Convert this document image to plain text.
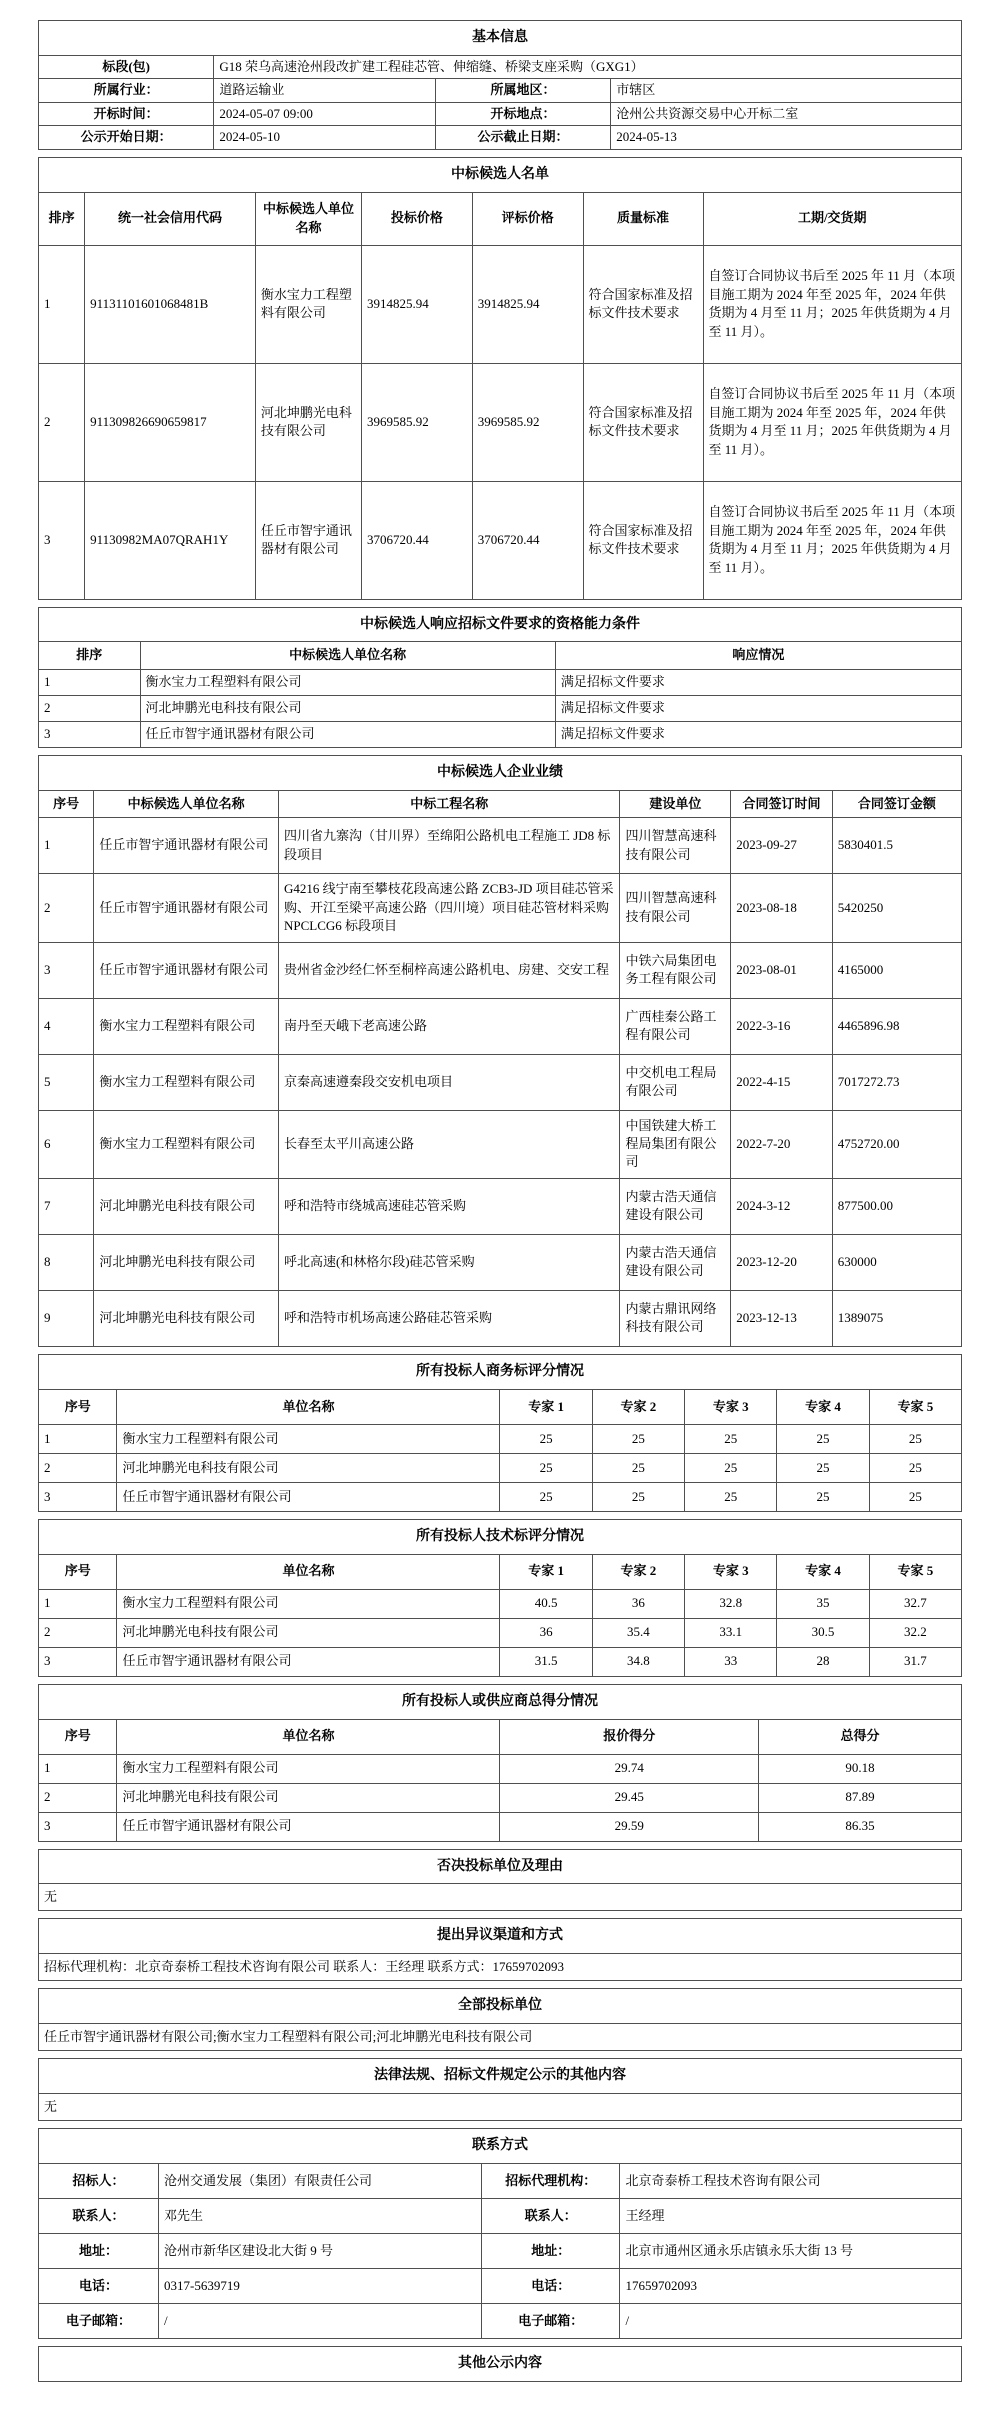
基本信息			
标段(包)	G18 荣乌高速沧州段改扩建工程硅芯管、伸缩缝、桥梁支座采购（GXG1）		
所属行业：	道路运输业	所属地区：	市辖区
开标时间：	2024-05-07 09:00	开标地点：	沧州公共资源交易中心开标二室
公示开始日期：	2024-05-10	公示截止日期：	2024-05-13
中标候选人名单						
排序	统一社会信用代码	中标候选人单位名称	投标价格	评标价格	质量标准	工期/交货期
1	91131101601068481B	衡水宝力工程塑料有限公司	3914825.94	3914825.94	符合国家标准及招标文件技术要求	自签订合同协议书后至 2025 年 11 月（本项目施工期为 2024 年至 2025 年，2024 年供货期为 4 月至 11 月；2025 年供货期为 4 月至 11 月）。
2	911309826690659817	河北坤鹏光电科技有限公司	3969585.92	3969585.92	符合国家标准及招标文件技术要求	自签订合同协议书后至 2025 年 11 月（本项目施工期为 2024 年至 2025 年，2024 年供货期为 4 月至 11 月；2025 年供货期为 4 月至 11 月）。
3	91130982MA07QRAH1Y	任丘市智宇通讯器材有限公司	3706720.44	3706720.44	符合国家标准及招标文件技术要求	自签订合同协议书后至 2025 年 11 月（本项目施工期为 2024 年至 2025 年，2024 年供货期为 4 月至 11 月；2025 年供货期为 4 月至 11 月）。
中标候选人响应招标文件要求的资格能力条件		
排序	中标候选人单位名称	响应情况
1	衡水宝力工程塑料有限公司	满足招标文件要求
2	河北坤鹏光电科技有限公司	满足招标文件要求
3	任丘市智宇通讯器材有限公司	满足招标文件要求
中标候选人企业业绩					
序号	中标候选人单位名称	中标工程名称	建设单位	合同签订时间	合同签订金额
1	任丘市智宇通讯器材有限公司	四川省九寨沟（甘川界）至绵阳公路机电工程施工 JD8 标段项目	四川智慧高速科技有限公司	2023-09-27	5830401.5
2	任丘市智宇通讯器材有限公司	G4216 线宁南至攀枝花段高速公路 ZCB3-JD 项目硅芯管采购、开江至梁平高速公路（四川境）项目硅芯管材料采购 NPCLCG6 标段项目	四川智慧高速科技有限公司	2023-08-18	5420250
3	任丘市智宇通讯器材有限公司	贵州省金沙经仁怀至桐梓高速公路机电、房建、交安工程	中铁六局集团电务工程有限公司	2023-08-01	4165000
4	衡水宝力工程塑料有限公司	南丹至天峨下老高速公路	广西桂秦公路工程有限公司	2022-3-16	4465896.98
5	衡水宝力工程塑料有限公司	京秦高速遵秦段交安机电项目	中交机电工程局有限公司	2022-4-15	7017272.73
6	衡水宝力工程塑料有限公司	长春至太平川高速公路	中国铁建大桥工程局集团有限公司	2022-7-20	4752720.00
7	河北坤鹏光电科技有限公司	呼和浩特市绕城高速硅芯管采购	内蒙古浩天通信建设有限公司	2024-3-12	877500.00
8	河北坤鹏光电科技有限公司	呼北高速(和林格尔段)硅芯管采购	内蒙古浩天通信建设有限公司	2023-12-20	630000
9	河北坤鹏光电科技有限公司	呼和浩特市机场高速公路硅芯管采购	内蒙古鼎讯网络科技有限公司	2023-12-13	1389075
所有投标人商务标评分情况						
序号	单位名称	专家 1	专家 2	专家 3	专家 4	专家 5
1	衡水宝力工程塑料有限公司	25	25	25	25	25
2	河北坤鹏光电科技有限公司	25	25	25	25	25
3	任丘市智宇通讯器材有限公司	25	25	25	25	25
所有投标人技术标评分情况						
序号	单位名称	专家 1	专家 2	专家 3	专家 4	专家 5
1	衡水宝力工程塑料有限公司	40.5	36	32.8	35	32.7
2	河北坤鹏光电科技有限公司	36	35.4	33.1	30.5	32.2
3	任丘市智宇通讯器材有限公司	31.5	34.8	33	28	31.7
所有投标人或供应商总得分情况			
序号	单位名称	报价得分	总得分
1	衡水宝力工程塑料有限公司	29.74	90.18
2	河北坤鹏光电科技有限公司	29.45	87.89
3	任丘市智宇通讯器材有限公司	29.59	86.35
否决投标单位及理由
无
提出异议渠道和方式
招标代理机构：北京奇泰桥工程技术咨询有限公司 联系人：王经理 联系方式：17659702093
全部投标单位
任丘市智宇通讯器材有限公司;衡水宝力工程塑料有限公司;河北坤鹏光电科技有限公司
法律法规、招标文件规定公示的其他内容
无
联系方式			
招标人：	沧州交通发展（集团）有限责任公司	招标代理机构：	北京奇泰桥工程技术咨询有限公司
联系人：	邓先生	联系人：	王经理
地址：	沧州市新华区建设北大街 9 号	地址：	北京市通州区通永乐店镇永乐大街 13 号
电话：	0317-5639719	电话：	17659702093
电子邮箱：	/	电子邮箱：	/
其他公示内容
